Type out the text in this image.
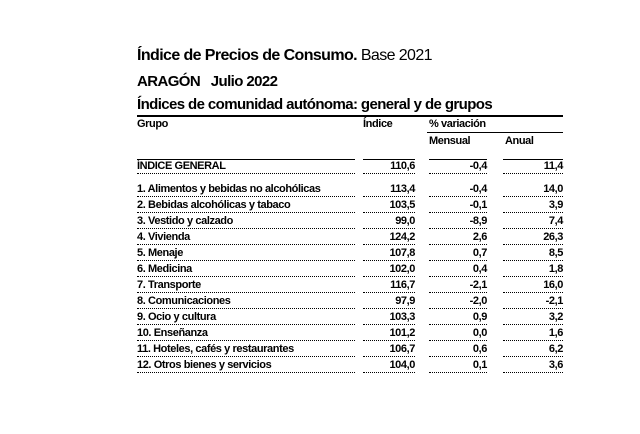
Índice de Precios de Consumo. Base 2021
ARAGÓN   Julio 2022
Índices de comunidad autónoma: general y de grupos
Grupo	Índice	% variación
Mensual	Anual
ÍNDICE GENERAL	110,6	-0,4	11,4
1. Alimentos y bebidas no alcohólicas	113,4	-0,4	14,0
2. Bebidas alcohólicas y tabaco	103,5	-0,1	3,9
3. Vestido y calzado	99,0	-8,9	7,4
4. Vivienda	124,2	2,6	26,3
5. Menaje	107,8	0,7	8,5
6. Medicina	102,0	0,4	1,8
7. Transporte	116,7	-2,1	16,0
8. Comunicaciones	97,9	-2,0	-2,1
9. Ocio y cultura	103,3	0,9	3,2
10. Enseñanza	101,2	0,0	1,6
11. Hoteles, cafés y restaurantes	106,7	0,6	6,2
12. Otros bienes y servicios	104,0	0,1	3,6
